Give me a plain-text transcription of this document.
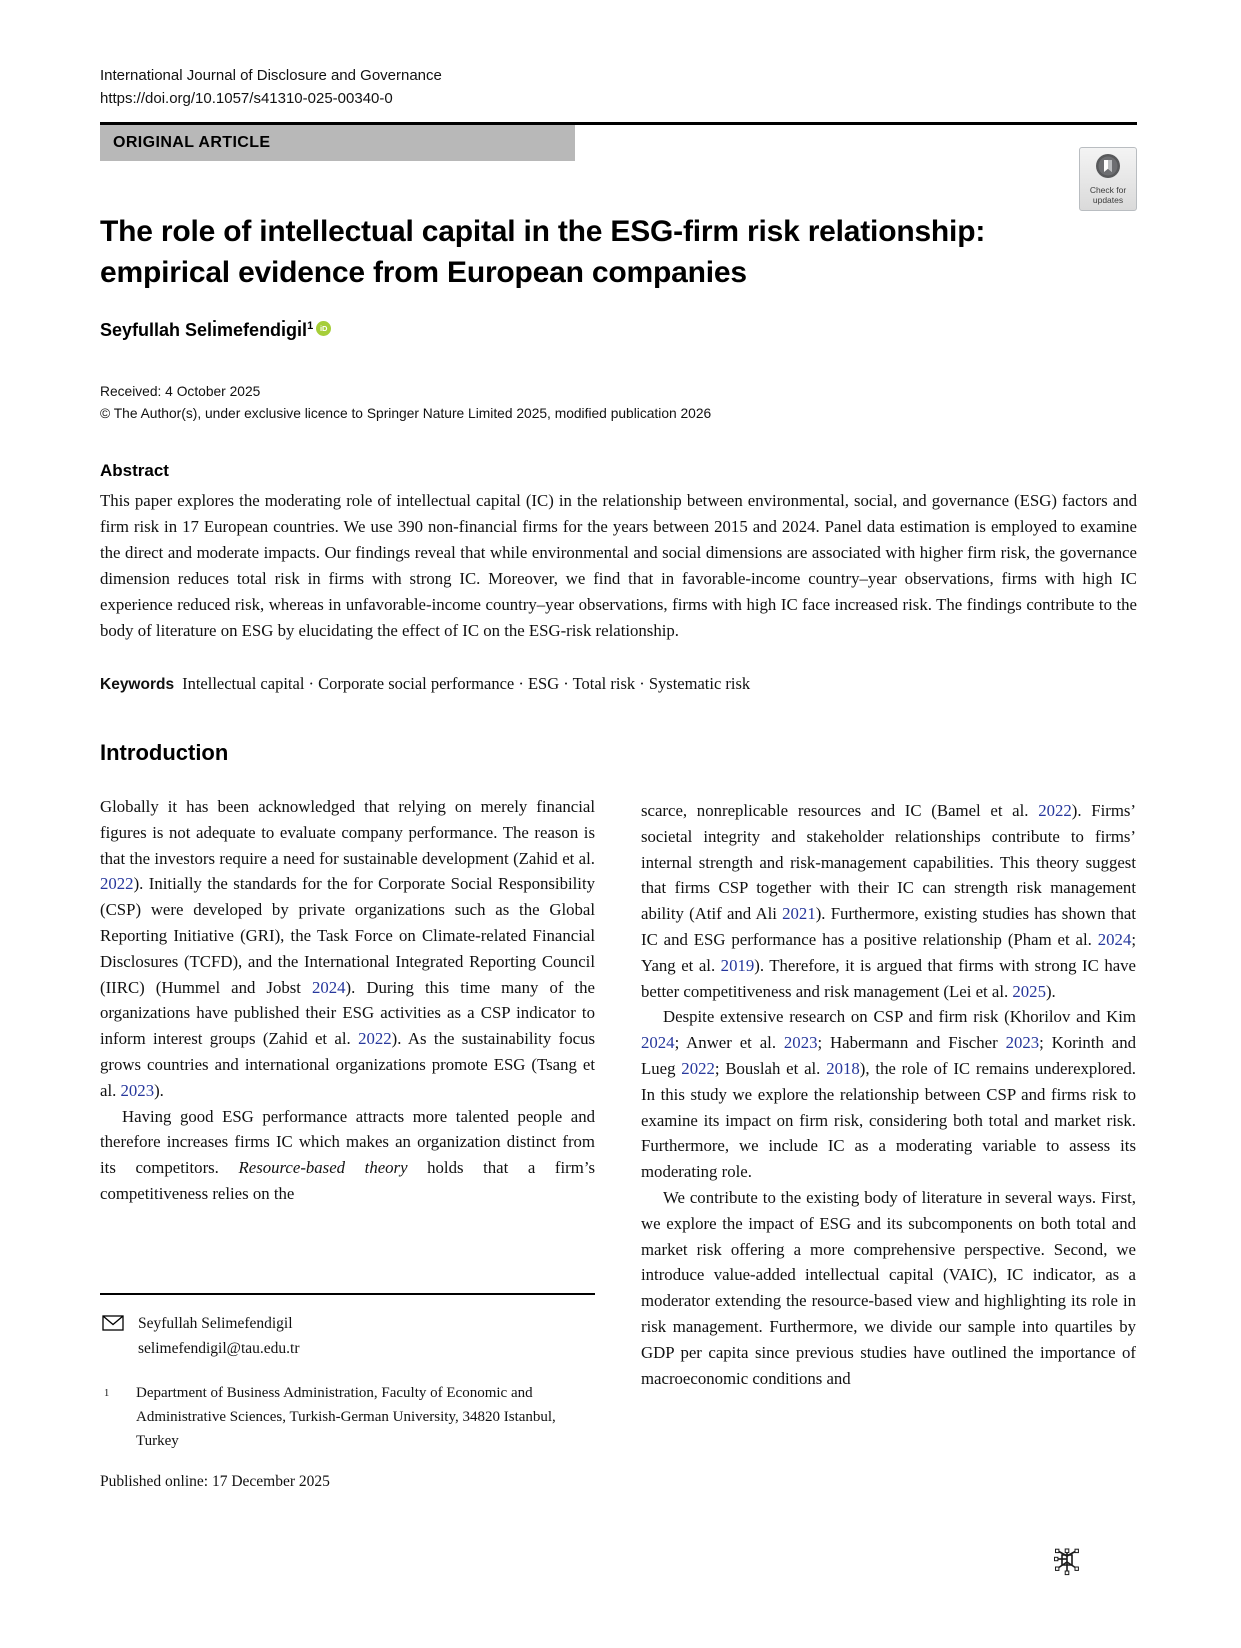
International Journal of Disclosure and Governance
https://doi.org/10.1057/s41310-025-00340-0
ORIGINAL ARTICLE
Check for
updates
The role of intellectual capital in the ESG-firm risk relationship: empirical evidence from European companies
Seyfullah $Selı̇mefendı̇gı̇l^1$ iD
Received: 4 October 2025
© The Author(s), under exclusive licence to Springer Nature Limited 2025, modified publication 2026
Abstract

This paper explores the moderating role of intellectual capital (IC) in the relationship between environmental, social, and governance (ESG) factors and firm risk in 17 European countries. We use 390 non-financial firms for the years between 2015 and 2024. Panel data estimation is employed to examine the direct and moderate impacts. Our findings reveal that while environmental and social dimensions are associated with higher firm risk, the governance dimension reduces total risk in firms with strong IC. Moreover, we find that in favorable-income country–year observations, firms with high IC experience reduced risk, whereas in unfavorable-income country–year observations, firms with high IC face increased risk. The findings contribute to the body of literature on ESG by elucidating the effect of IC on the ESG-risk relationship.

Keywords Intellectual capital · Corporate social performance · ESG · Total risk · Systematic risk
Introduction

Globally it has been acknowledged that relying on merely financial figures is not adequate to evaluate company performance. The reason is that the investors require a need for sustainable development (Zahid et al. 2022). Initially the standards for the for Corporate Social Responsibility (CSP) were developed by private organizations such as the Global Reporting Initiative (GRI), the Task Force on Climate-related Financial Disclosures (TCFD), and the International Integrated Reporting Council (IIRC) (Hummel and Jobst 2024). During this time many of the organizations have published their ESG activities as a CSP indicator to inform interest groups (Zahid et al. 2022). As the sustainability focus grows countries and international organizations promote ESG (Tsang et al. 2023).

Having good ESG performance attracts more talented people and therefore increases firms IC which makes an organization distinct from its competitors. Resource-based theory holds that a firm’s competitiveness relies on the

Seyfullah Selimefendigil
selimefendigil@tau.edu.tr
1	Department of Business Administration, Faculty of Economic and Administrative Sciences, Turkish-German University, 34820 Istanbul, Turkey
Published online: 17 December 2025

scarce, nonreplicable resources and IC (Bamel et al. 2022). Firms’ societal integrity and stakeholder relationships contribute to firms’ internal strength and risk-management capabilities. This theory suggest that firms CSP together with their IC can strength risk management ability (Atif and Ali 2021). Furthermore, existing studies has shown that IC and ESG performance has a positive relationship (Pham et al. 2024; Yang et al. 2019). Therefore, it is argued that firms with strong IC have better competitiveness and risk management (Lei et al. 2025).

Despite extensive research on CSP and firm risk (Khorilov and Kim 2024; Anwer et al. 2023; Habermann and Fischer 2023; Korinth and Lueg 2022; Bouslah et al. 2018), the role of IC remains underexplored. In this study we explore the relationship between CSP and firms risk to examine its impact on firm risk, considering both total and market risk. Furthermore, we include IC as a moderating variable to assess its moderating role.

We contribute to the existing body of literature in several ways. First, we explore the impact of ESG and its subcomponents on both total and market risk offering a more comprehensive perspective. Second, we introduce value-added intellectual capital (VAIC), IC indicator, as a moderator extending the resource-based view and highlighting its role in risk management. Furthermore, we divide our sample into quartiles by GDP per capita since previous studies have outlined the importance of macroeconomic conditions and
